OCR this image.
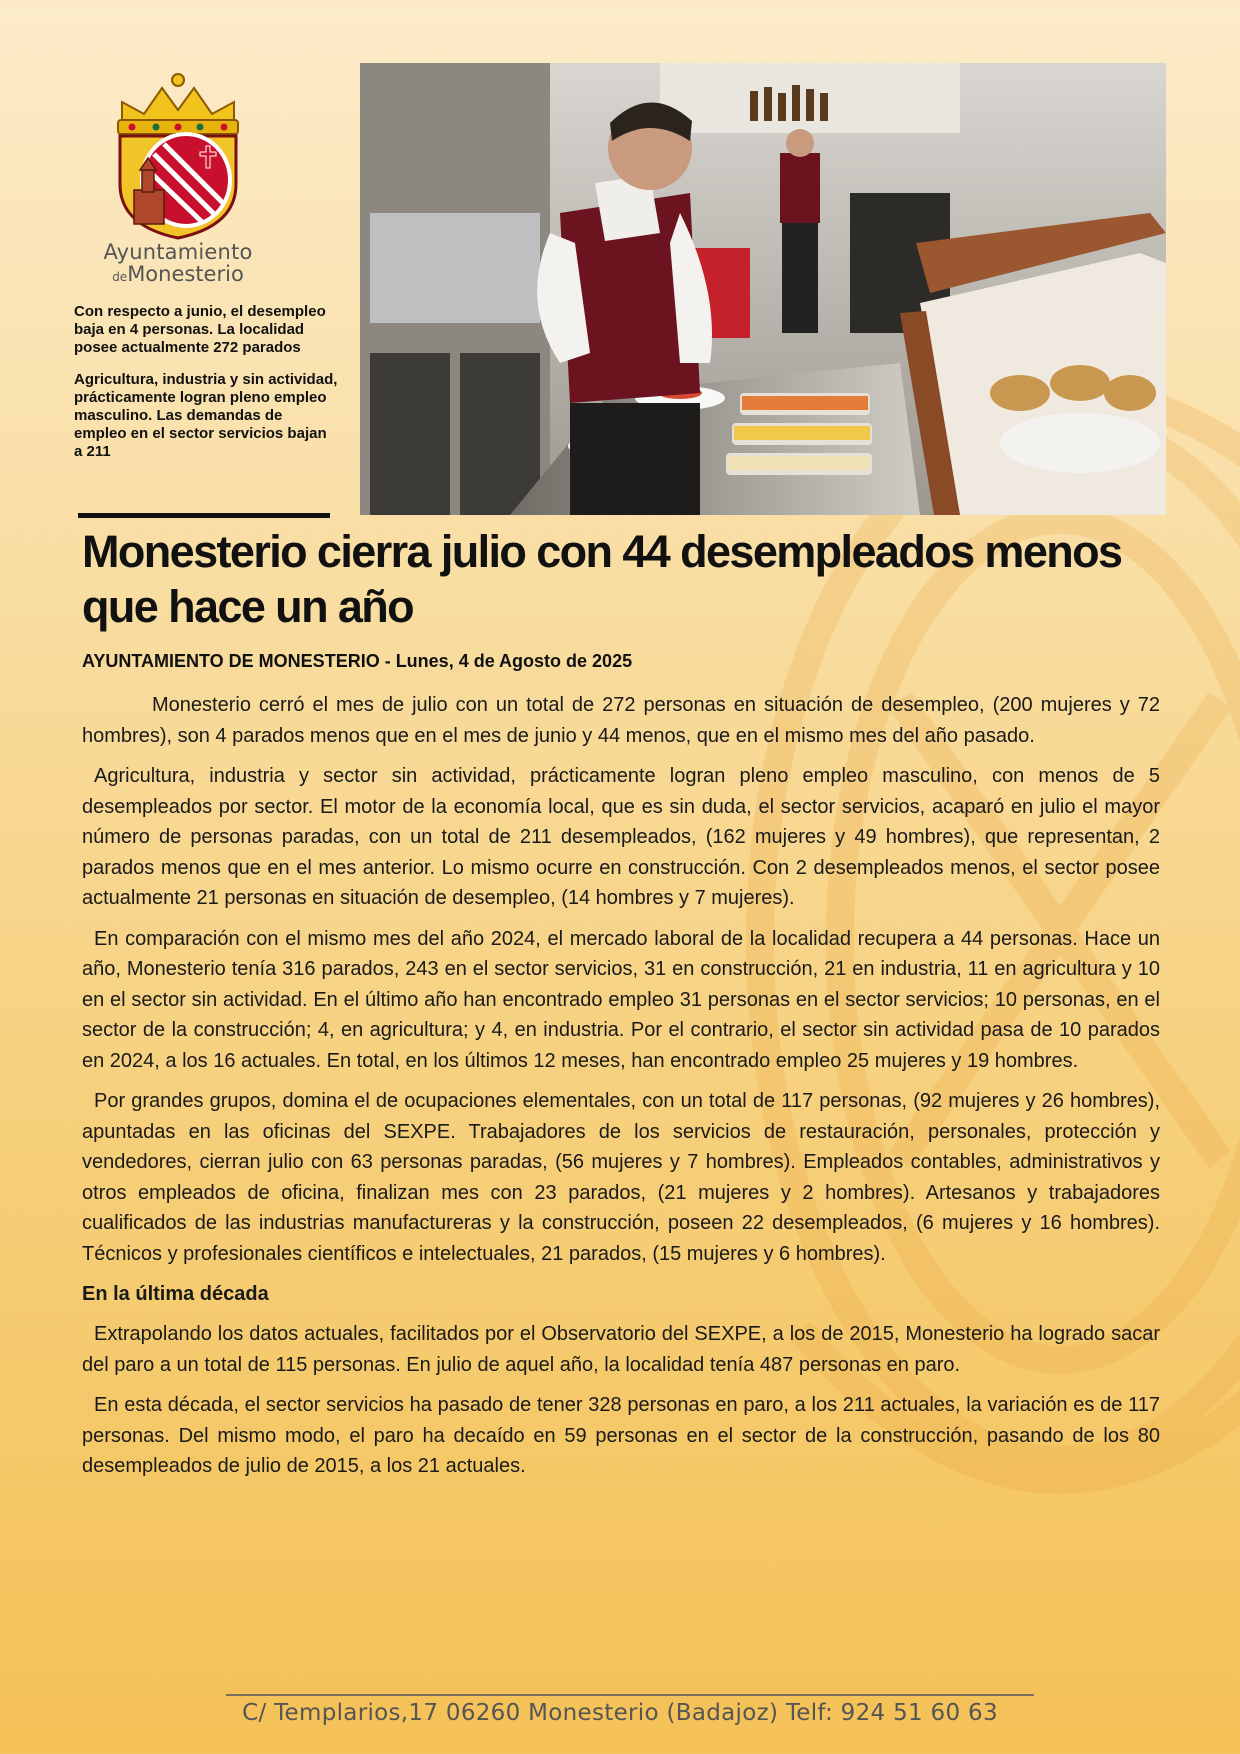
Ayuntamiento
deMonesterio

Con respecto a junio, el desempleo baja en 4 personas. La localidad posee actualmente 272 parados

Agricultura, industria y sin actividad, prácticamente logran pleno empleo masculino. Las demandas de empleo en el sector servicios bajan a 211

Monesterio cierra julio con 44 desempleados menos que hace un año

AYUNTAMIENTO DE MONESTERIO - Lunes, 4 de Agosto de 2025

Monesterio cerró el mes de julio con un total de 272 personas en situación de desempleo, (200 mujeres y 72 hombres), son 4 parados menos que en el mes de junio y 44 menos, que en el mismo mes del año pasado.

Agricultura, industria y sector sin actividad, prácticamente logran pleno empleo masculino, con menos de 5 desempleados por sector. El motor de la economía local, que es sin duda, el sector servicios, acaparó en julio el mayor número de personas paradas, con un total de 211 desempleados, (162 mujeres y 49 hombres), que representan, 2 parados menos que en el mes anterior. Lo mismo ocurre en construcción. Con 2 desempleados menos, el sector posee actualmente 21 personas en situación de desempleo, (14 hombres y 7 mujeres).

En comparación con el mismo mes del año 2024, el mercado laboral de la localidad recupera a 44 personas. Hace un año, Monesterio tenía 316 parados, 243 en el sector servicios, 31 en construcción, 21 en industria, 11 en agricultura y 10 en el sector sin actividad. En el último año han encontrado empleo 31 personas en el sector servicios; 10 personas, en el sector de la construcción; 4, en agricultura; y 4, en industria. Por el contrario, el sector sin actividad pasa de 10 parados en 2024, a los 16 actuales. En total, en los últimos 12 meses, han encontrado empleo 25 mujeres y 19 hombres.

Por grandes grupos, domina el de ocupaciones elementales, con un total de 117 personas, (92 mujeres y 26 hombres), apuntadas en las oficinas del SEXPE. Trabajadores de los servicios de restauración, personales, protección y vendedores, cierran julio con 63 personas paradas, (56 mujeres y 7 hombres). Empleados contables, administrativos y otros empleados de oficina, finalizan mes con 23 parados, (21 mujeres y 2 hombres). Artesanos y trabajadores cualificados de las industrias manufactureras y la construcción, poseen 22 desempleados, (6 mujeres y 16 hombres). Técnicos y profesionales científicos e intelectuales, 21 parados, (15 mujeres y 6 hombres).

En la última década

Extrapolando los datos actuales, facilitados por el Observatorio del SEXPE, a los de 2015, Monesterio ha logrado sacar del paro a un total de 115 personas. En julio de aquel año, la localidad tenía 487 personas en paro.

En esta década, el sector servicios ha pasado de tener 328 personas en paro, a los 211 actuales, la variación es de 117 personas. Del mismo modo, el paro ha decaído en 59 personas en el sector de la construcción, pasando de los 80 desempleados de julio de 2015, a los 21 actuales.

C/ Templarios,17 06260 Monesterio (Badajoz) Telf: 924 51 60 63
